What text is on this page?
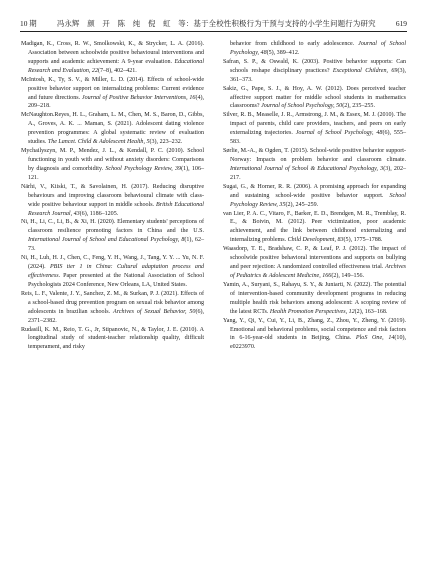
10 期	冯永辉　颜　开　陈　纯　倪　虹　等：基于全校性积极行为干预与支持的小学生问题行为研究	619

Madigan, K., Cross, R. W., Smolkowski, K., & Strycker, L. A. (2016). Association between schoolwide positive behavioural interventions and supports and academic achievement: A 9-year evaluation. Educational Research and Evaluation, 22(7–8), 402–421.

McIntosh, K., Ty, S. V., & Miller, L. D. (2014). Effects of school-wide positive behavior support on internalizing problems: Current evidence and future directions. Journal of Positive Behavior Interventions, 16(4), 209–218.

McNaughton.Reyes, H. L., Graham, L. M., Chen, M. S., Baron, D., Gibbs, A., Groves, A. K. ... Maman, S. (2021). Adolescent dating violence prevention programmes: A global systematic review of evaluation studies. The Lancet. Child & Adolescent Health, 5(3), 223–232.

Mychailyszyn, M. P., Mendez, J. L., & Kendall, P. C. (2010). School functioning in youth with and without anxiety disorders: Comparisons by diagnosis and comorbidity. School Psychology Review, 39(1), 106–121.

Närhi, V., Kiiski, T., & Savolainen, H. (2017). Reducing disruptive behaviours and improving classroom behavioural climate with class-wide positive behaviour support in middle schools. British Educational Research Journal, 43(6), 1186–1205.

Ni, H., Li, C., Li, B., & Xi, H. (2020). Elementary students' perceptions of classroom resilience promoting factors in China and the U.S. International Journal of School and Educational Psychology, 8(1), 62–73.

Ni, H., Luh, H. J., Chen, C., Feng, Y. H., Wang, J., Tang, Y. Y. ... Yu, N. F. (2024). PBIS tier 1 in China: Cultural adaptation process and effectiveness. Paper presented at the National Association of School Psychologists 2024 Conference, New Orleans, LA, United States.

Reis, L. F., Valente, J. Y., Sanchez, Z. M., & Surkan, P. J. (2021). Effects of a school-based drug prevention program on sexual risk behavior among adolescents in brazilian schools. Archives of Sexual Behavior, 50(6), 2371–2382.

Rudasill, K. M., Reio, T. G., Jr, Stipanovic, N., & Taylor, J. E. (2010). A longitudinal study of student-teacher relationship quality, difficult temperament, and risky

behavior from childhood to early adolescence. Journal of School Psychology, 48(5), 389–412.

Safran, S. P., & Oswald, K. (2003). Positive behavior supports: Can schools reshape disciplinary practices? Exceptional Children, 69(3), 361–373.

Sakiz, G., Pape, S. J., & Hoy, A. W. (2012). Does perceived teacher affective support matter for middle school students in mathematics classrooms? Journal of School Psychology, 50(2), 235–255.

Silver, R. B., Measelle, J. R., Armstrong, J. M., & Essex, M. J. (2010). The impact of parents, child care providers, teachers, and peers on early externalizing trajectories. Journal of School Psychology, 48(6), 555–583.

Sørlie, M.-A., & Ogden, T. (2015). School-wide positive behavior support-Norway: Impacts on problem behavior and classroom climate. International Journal of School & Educational Psychology, 3(3), 202–217.

Sugai, G., & Horner, R. R. (2006). A promising approach for expanding and sustaining school-wide positive behavior support. School Psychology Review, 35(2), 245–259.

van Lier, P. A. C., Vitaro, F., Barker, E. D., Brendgen, M. R., Tremblay, R. E., & Boivin, M. (2012). Peer victimization, poor academic achievement, and the link between childhood externalizing and internalizing problems. Child Development, 83(5), 1775–1788.

Waasdorp, T. E., Bradshaw, C. P., & Leaf, P. J. (2012). The impact of schoolwide positive behavioral interventions and supports on bullying and peer rejection: A randomized controlled effectiveness trial. Archives of Pediatrics & Adolescent Medicine, 166(2), 149–156.

Yamin, A., Suryani, S., Rahayu, S. Y., & Juniarti, N. (2022). The potential of intervention-based community development programs in reducing multiple health risk behaviors among adolescent: A scoping review of the latest RCTs. Health Promotion Perspectives, 12(2), 163–168.

Yang, Y., Qi, Y., Cui, Y., Li, B., Zhang, Z., Zhou, Y., Zheng, Y. (2019). Emotional and behavioral problems, social competence and risk factors in 6-16-year-old students in Beijing, China. PloS One, 14(10), e0223970.
